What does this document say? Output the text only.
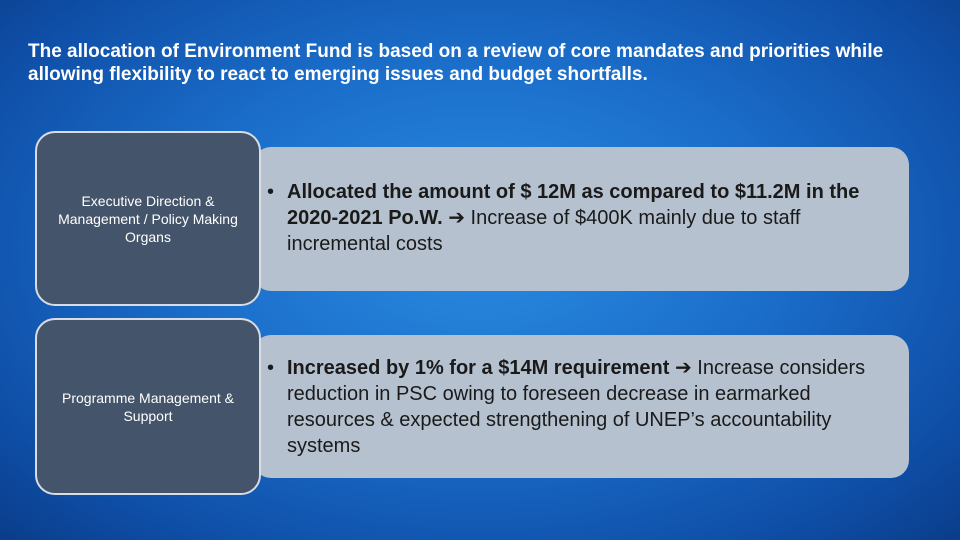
The allocation of Environment Fund is based on a review of core mandates and priorities while allowing flexibility to react to emerging issues and budget shortfalls.
• Allocated the amount of $ 12M as compared to $11.2M in the 2020-2021 Po.W. ➔ Increase of $400K mainly due to staff incremental costs
• Increased by 1% for a $14M requirement ➔ Increase considers reduction in PSC owing to foreseen decrease in earmarked resources & expected strengthening of UNEP’s accountability systems
Executive Direction & Management / Policy Making Organs
Programme Management & Support
